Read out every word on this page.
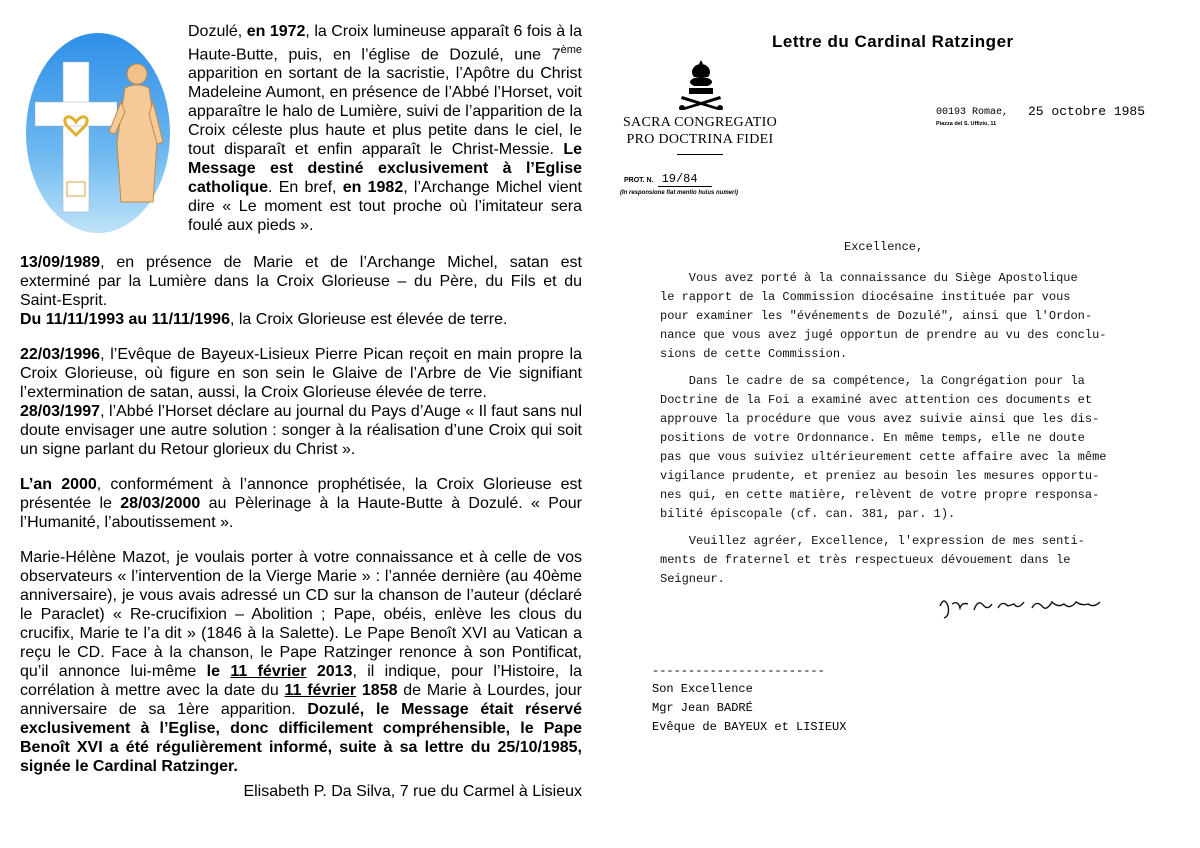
Dozulé, en 1972, la Croix lumineuse apparaît 6 fois à la Haute-Butte, puis, en l’église de Dozulé, une 7ème apparition en sortant de la sacristie, l’Apôtre du Christ Madeleine Aumont, en présence de l’Abbé l’Horset, voit apparaître le halo de Lumière, suivi de l’apparition de la Croix céleste plus haute et plus petite dans le ciel, le tout disparaît et enfin apparaît le Christ-Messie. Le Message est destiné exclusivement à l’Eglise catholique. En bref, en 1982, l’Archange Michel vient dire « Le moment est tout proche où l’imitateur sera foulé aux pieds ».

13/09/1989, en présence de Marie et de l’Archange Michel, satan est exterminé par la Lumière dans la Croix Glorieuse – du Père, du Fils et du Saint-Esprit.
Du 11/11/1993 au 11/11/1996, la Croix Glorieuse est élevée de terre.

22/03/1996, l’Evêque de Bayeux-Lisieux Pierre Pican reçoit en main propre la Croix Glorieuse, où figure en son sein le Glaive de l’Arbre de Vie signifiant l’extermination de satan, aussi, la Croix Glorieuse élevée de terre.
28/03/1997, l’Abbé l’Horset déclare au journal du Pays d’Auge « Il faut sans nul doute envisager une autre solution : songer à la réalisation d’une Croix qui soit un signe parlant du Retour glorieux du Christ ».

L’an 2000, conformément à l’annonce prophétisée, la Croix Glorieuse est présentée le 28/03/2000 au Pèlerinage à la Haute-Butte à Dozulé. « Pour l’Humanité, l’aboutissement ».

Marie-Hélène Mazot, je voulais porter à votre connaissance et à celle de vos observateurs « l’intervention de la Vierge Marie » : l’année dernière (au 40ème anniversaire), je vous avais adressé un CD sur la chanson de l’auteur (déclaré le Paraclet) « Re-crucifixion – Abolition ; Pape, obéis, enlève les clous du crucifix, Marie te l’a dit » (1846 à la Salette). Le Pape Benoît XVI au Vatican a reçu le CD. Face à la chanson, le Pape Ratzinger renonce à son Pontificat, qu’il annonce lui-même le 11 février 2013, il indique, pour l’Histoire, la corrélation à mettre avec la date du 11 février 1858 de Marie à Lourdes, jour anniversaire de sa 1ère apparition. Dozulé, le Message était réservé exclusivement à l’Eglise, donc difficilement compréhensible, le Pape Benoît XVI a été régulièrement informé, suite à sa lettre du 25/10/1985, signée le Cardinal Ratzinger.

Elisabeth P. Da Silva, 7 rue du Carmel à Lisieux
Lettre du Cardinal Ratzinger
SACRA CONGREGATIO
PRO DOCTRINA FIDEI
PROT. N. 19/84
(In responsione fiat mentio huius numeri)
00193 Romae, 25 octobre 1985
Piazza del S. Uffizio, 11
Excellence,

Vous avez porté à la connaissance du Siège Apostolique
le rapport de la Commission diocésaine instituée par vous
pour examiner les "événements de Dozulé", ainsi que l'Ordon-
nance que vous avez jugé opportun de prendre au vu des conclu-
sions de cette Commission.

Dans le cadre de sa compétence, la Congrégation pour la
Doctrine de la Foi a examiné avec attention ces documents et
approuve la procédure que vous avez suivie ainsi que les dis-
positions de votre Ordonnance. En même temps, elle ne doute
pas que vous suiviez ultérieurement cette affaire avec la même
vigilance prudente, et preniez au besoin les mesures opportu-
nes qui, en cette matière, relèvent de votre propre responsa-
bilité épiscopale (cf. can. 381, par. 1).

Veuillez agréer, Excellence, l'expression de mes senti-
ments de fraternel et très respectueux dévouement dans le
Seigneur.

------------------------
Son Excellence
Mgr Jean BADRÉ
Evêque de BAYEUX et LISIEUX
